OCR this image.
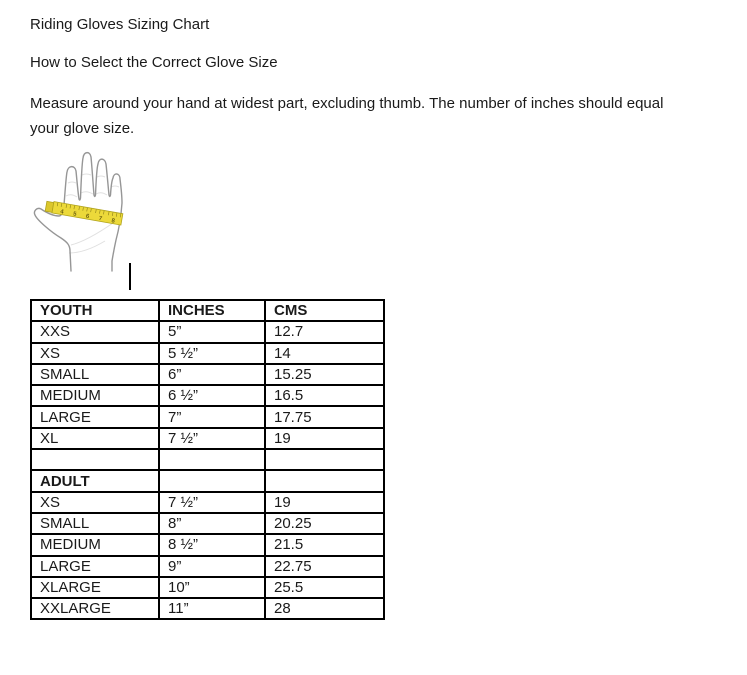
Riding Gloves Sizing Chart
How to Select the Correct Glove Size
Measure around your hand at widest part, excluding thumb. The number of inches should equal
your glove size.
4 5 6 7 8
YOUTH	INCHES	CMS
XXS	5”	12.7
XS	5 ½”	14
SMALL	6”	15.25
MEDIUM	6 ½”	16.5
LARGE	7”	17.75
XL	7 ½”	19

ADULT		
XS	7 ½”	19
SMALL	8”	20.25
MEDIUM	8 ½”	21.5
LARGE	9”	22.75
XLARGE	10”	25.5
XXLARGE	11”	28
